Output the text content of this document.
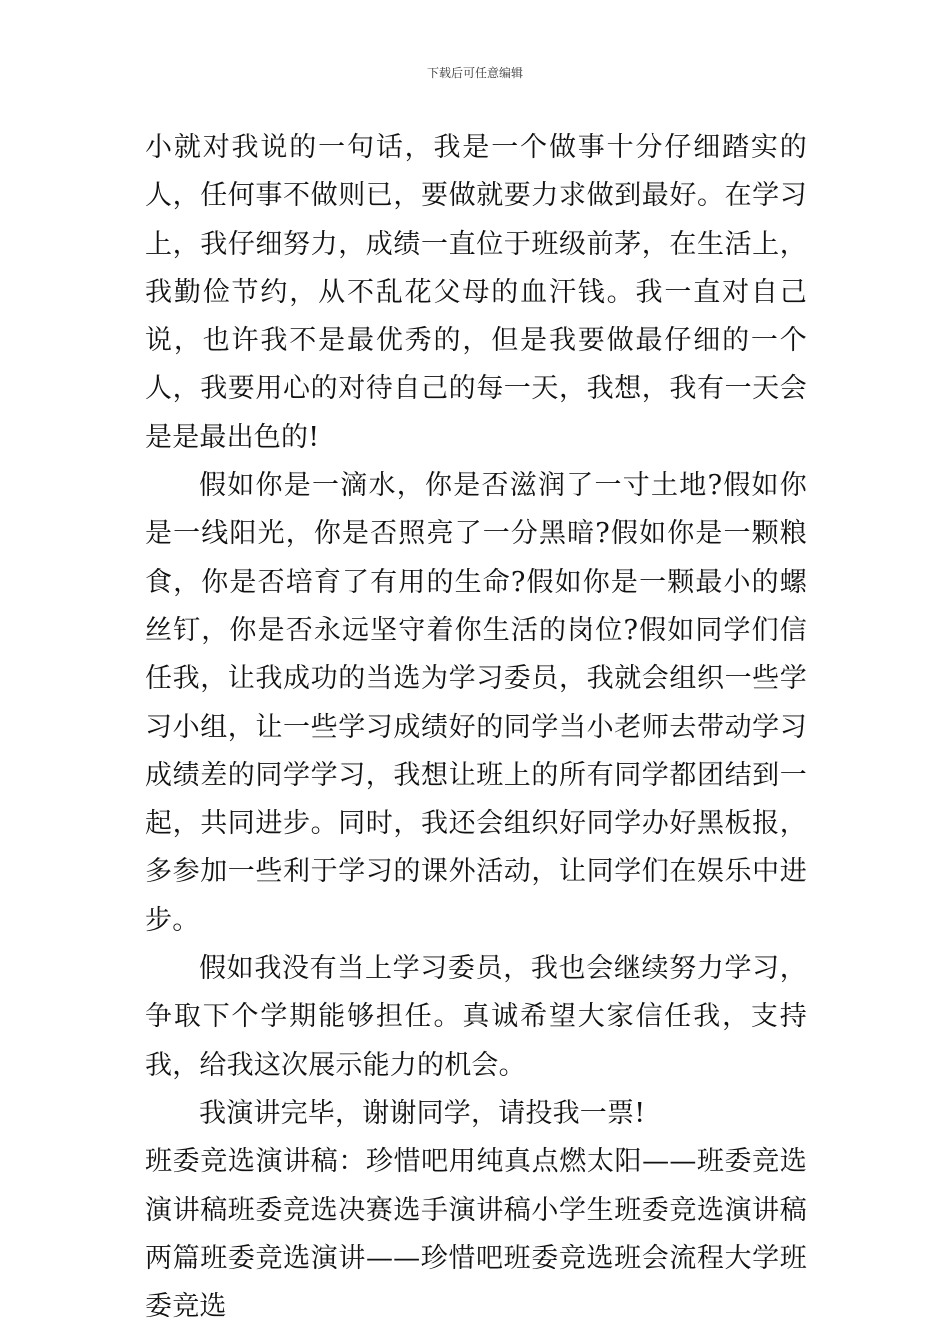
下载后可任意编辑

小就对我说的一句话，我是一个做事十分仔细踏实的人，任何事不做则已，要做就要力求做到最好。在学习上，我仔细努力，成绩一直位于班级前茅，在生活上，我勤俭节约，从不乱花父母的血汗钱。我一直对自己说，也许我不是最优秀的，但是我要做最仔细的一个人，我要用心的对待自己的每一天，我想，我有一天会是是最出色的!

假如你是一滴水，你是否滋润了一寸土地?假如你是一线阳光，你是否照亮了一分黑暗?假如你是一颗粮食，你是否培育了有用的生命?假如你是一颗最小的螺丝钉，你是否永远坚守着你生活的岗位?假如同学们信任我，让我成功的当选为学习委员，我就会组织一些学习小组，让一些学习成绩好的同学当小老师去带动学习成绩差的同学学习，我想让班上的所有同学都团结到一起，共同进步。同时，我还会组织好同学办好黑板报，多参加一些利于学习的课外活动，让同学们在娱乐中进步。

假如我没有当上学习委员，我也会继续努力学习，争取下个学期能够担任。真诚希望大家信任我，支持我，给我这次展示能力的机会。

我演讲完毕，谢谢同学，请投我一票!

班委竞选演讲稿：珍惜吧用纯真点燃太阳——班委竞选演讲稿班委竞选决赛选手演讲稿小学生班委竞选演讲稿两篇班委竞选演讲——珍惜吧班委竞选班会流程大学班委竞选
